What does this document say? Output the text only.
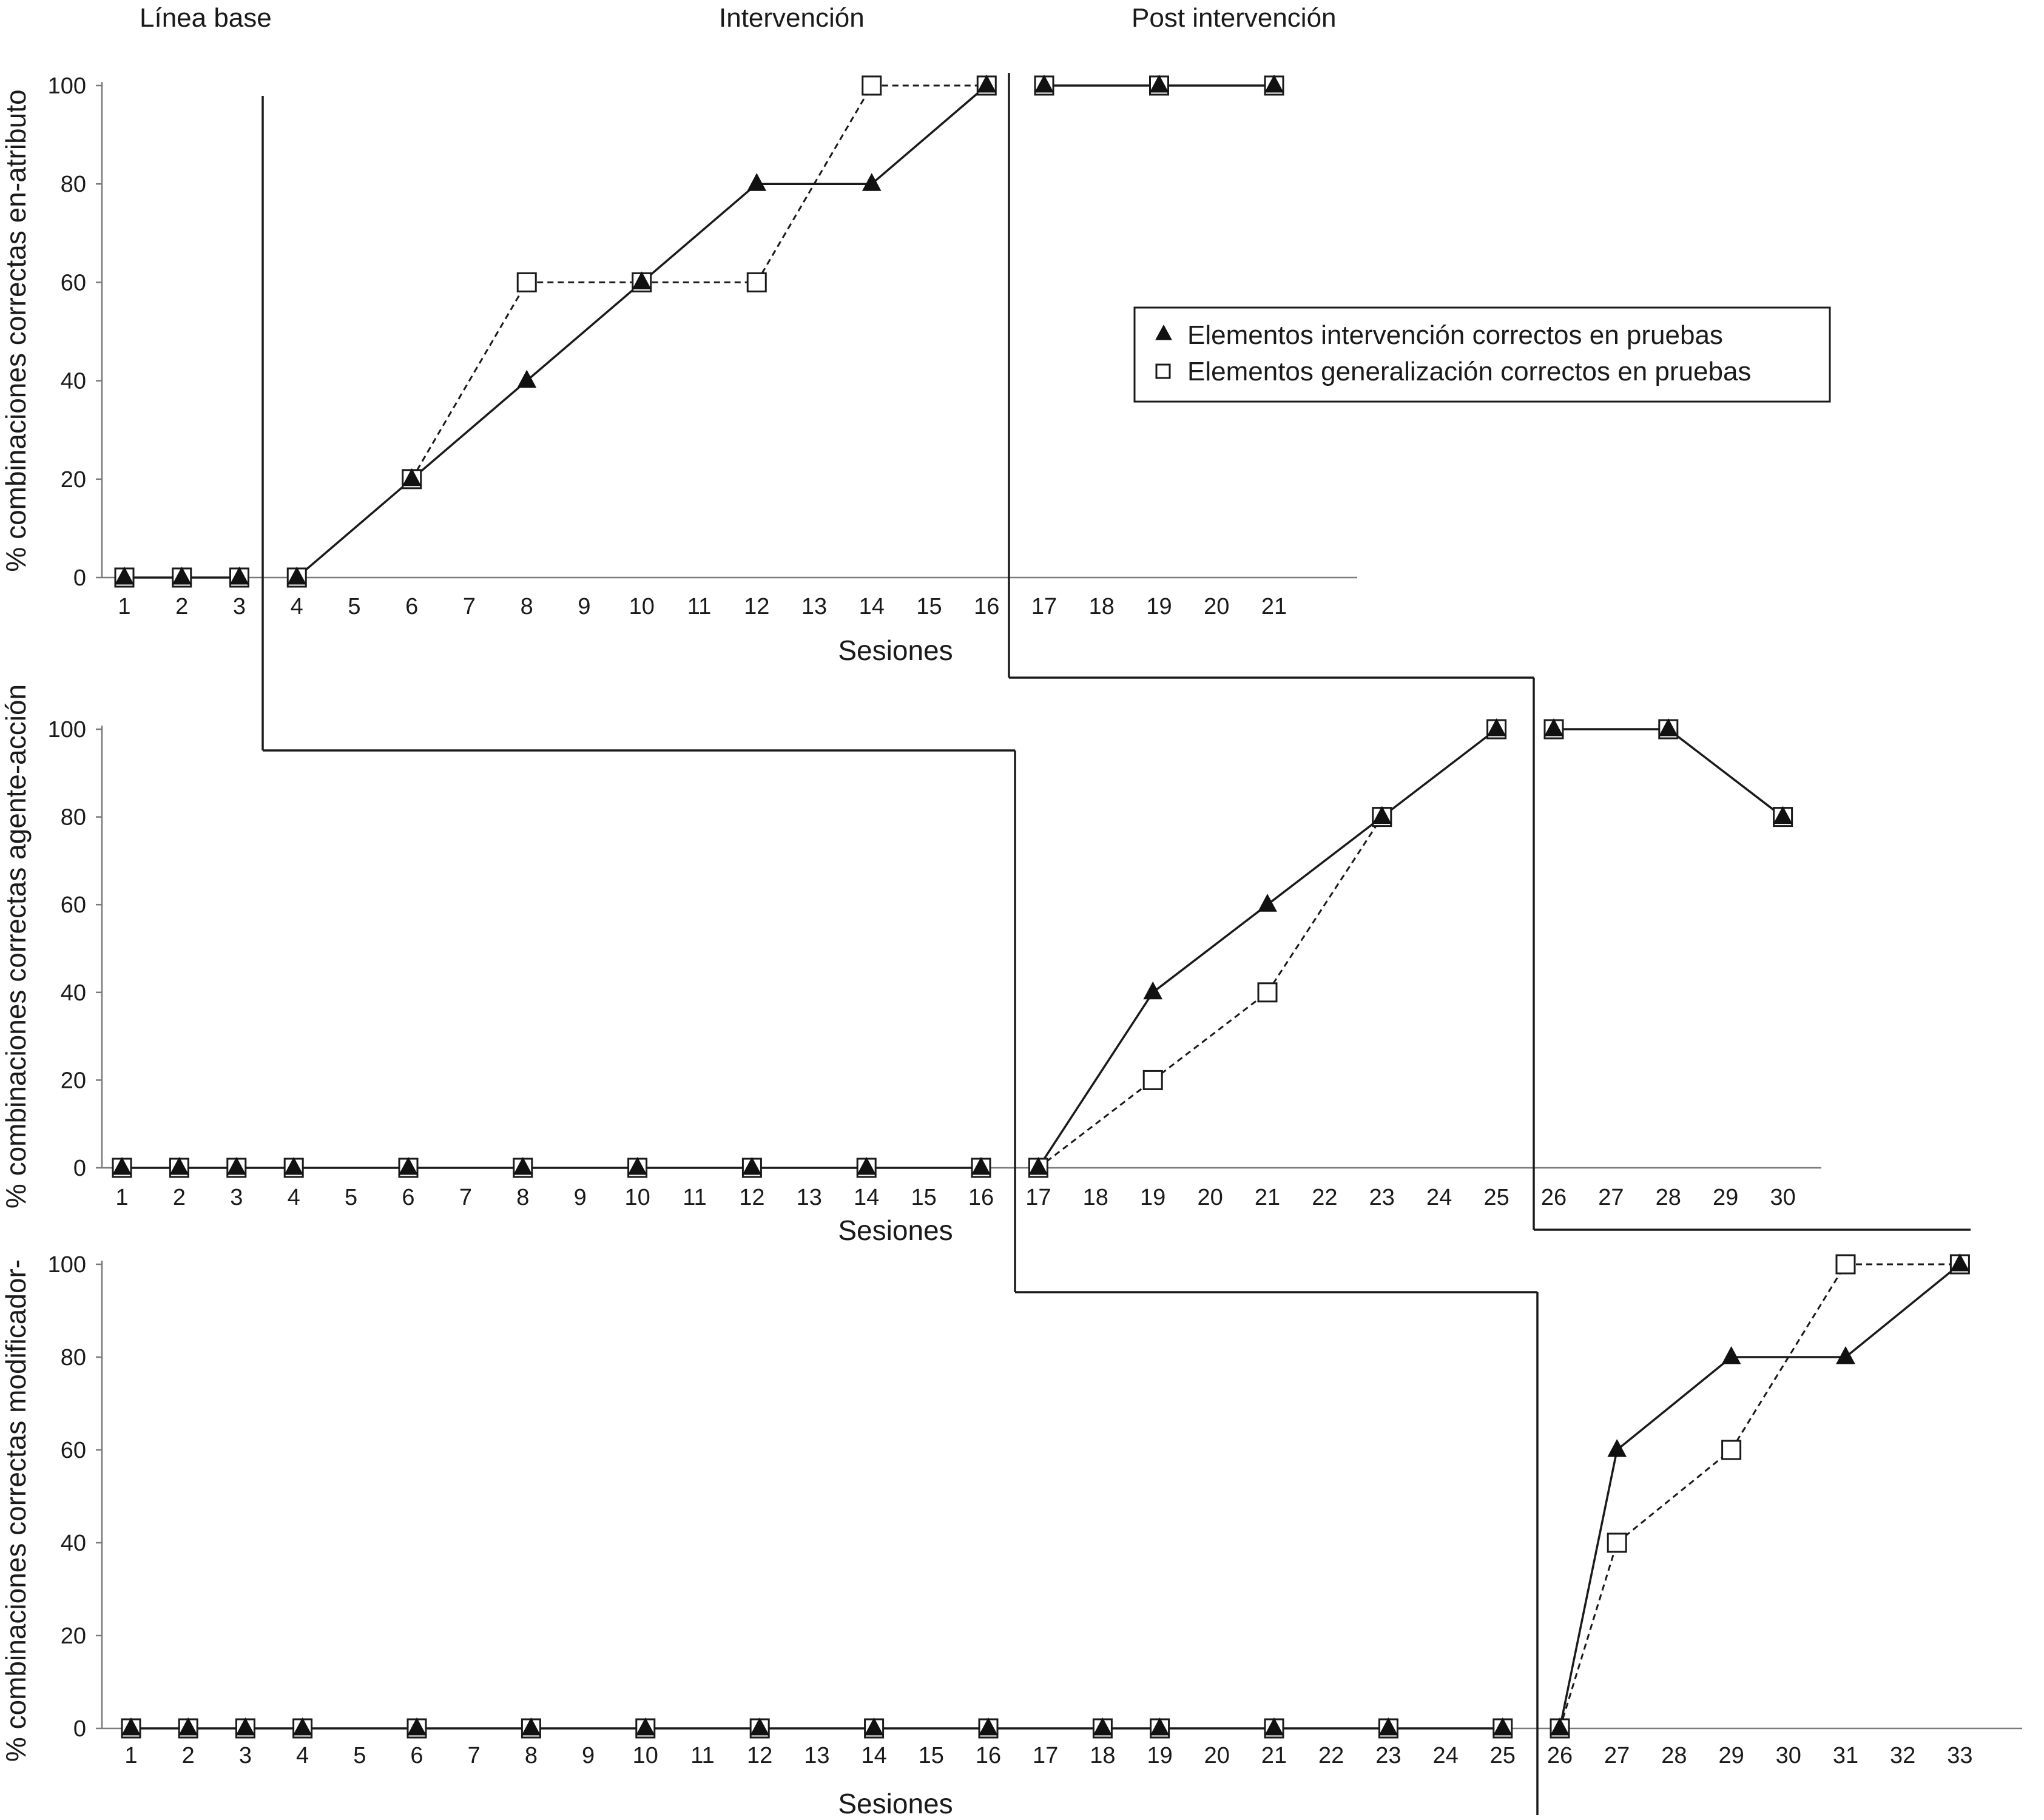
Línea base	Intervención	Post intervención
0
20
40
60
80
100
1 2 3 4 5 6 7 8 9 10 11 12 13 14 15 16 17 18 19 20 21
Sesiones
% combinaciones correctas en-atributo
0
20
40
60
80
100
1 2 3 4 5 6 7 8 9 10 11 12 13 14 15 16 17 18 19 20 21 22 23 24 25 26 27 28 29 30
Sesiones
% combinaciones correctas agente-acción
0
20
40
60
80
100
1 2 3 4 5 6 7 8 9 10 11 12 13 14 15 16 17 18 19 20 21 22 23 24 25 26 27 28 29 30 31 32 33
Sesiones
% combinaciones correctas modificador-
Elementos intervención correctos en pruebas
Elementos generalización correctos en pruebas
